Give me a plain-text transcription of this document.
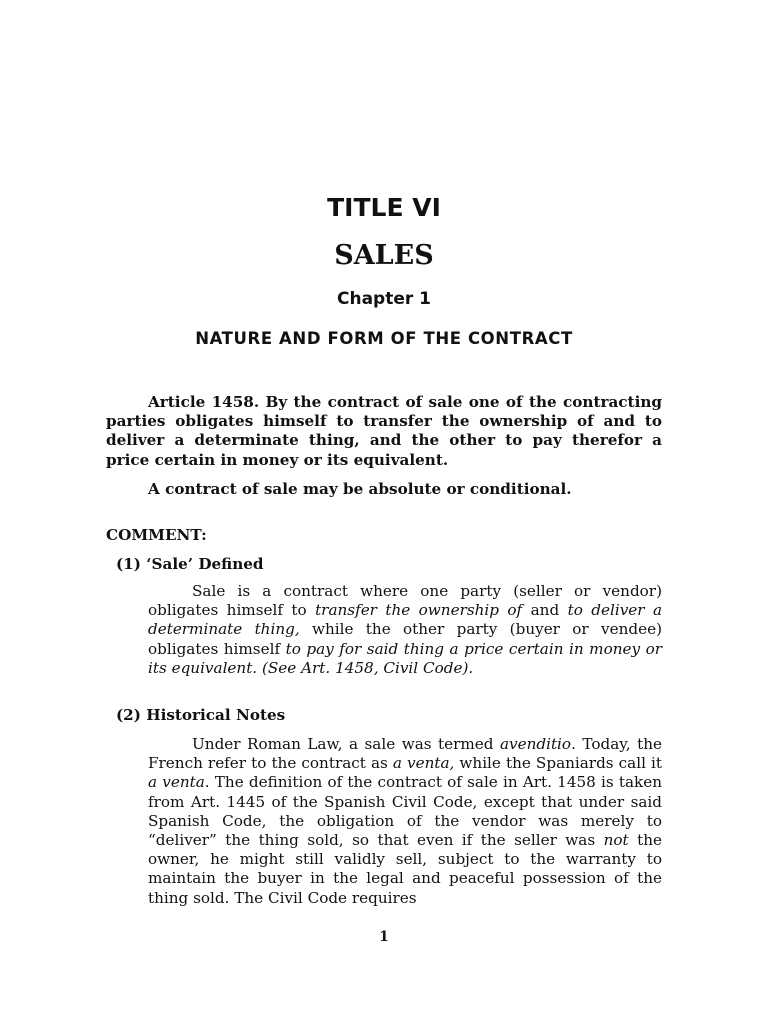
TITLE VI
SALES
Chapter 1
NATURE AND FORM OF THE CONTRACT

Article 1458. By the contract of sale one of the contracting parties obligates himself to transfer the ownership of and to deliver a determinate thing, and the other to pay therefor a price certain in money or its equivalent.

A contract of sale may be absolute or conditional.

COMMENT:

(1) ‘Sale’ Defined

Sale is a contract where one party (seller or vendor) obligates himself to transfer the ownership of and to deliver a determinate thing, while the other party (buyer or vendee) obligates himself to pay for said thing a price certain in money or its equivalent. (See Art. 1458, Civil Code).

(2) Historical Notes

Under Roman Law, a sale was termed avenditio. Today, the French refer to the contract as a venta, while the Spaniards call it a venta. The definition of the contract of sale in Art. 1458 is taken from Art. 1445 of the Spanish Civil Code, except that under said Spanish Code, the obligation of the vendor was merely to “deliver” the thing sold, so that even if the seller was not the owner, he might still validly sell, subject to the warranty to maintain the buyer in the legal and peaceful possession of the thing sold. The Civil Code requires

1
